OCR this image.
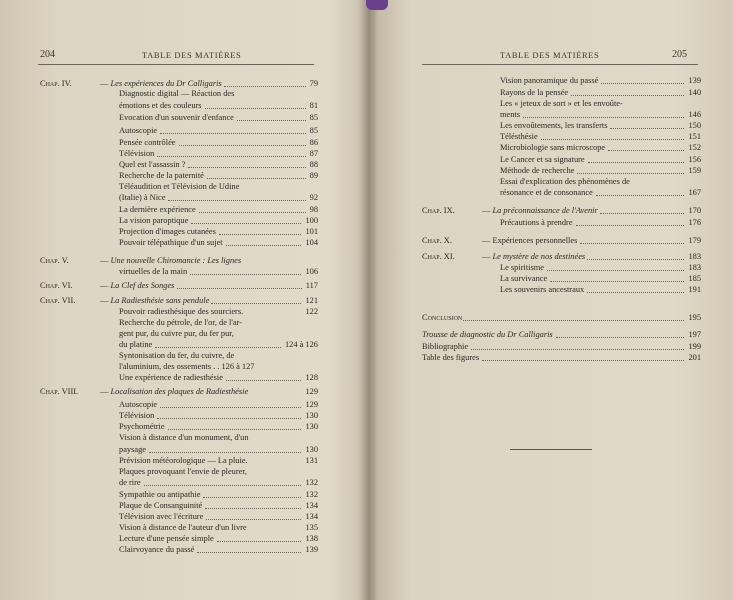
204	TABLE DES MATIÈRES
Chap. IV.	— Les expériences du Dr Calligaris	79
Diagnostic digital — Réaction des
émotions et des couleurs	81
Evocation d'un souvenir d'enfance	85
Autoscopie	85
Pensée contrôlée	86
Télévision	87
Quel est l'assassin ?	88
Recherche de la paternité	89
Téléaudition et Télévision de Udine
(Italie) à Nice	92
La dernière expérience	98
La vision paroptique	100
Projection d'images cutanées	101
Pouvoir télépathique d'un sujet	104
Chap. V.	— Une nouvelle Chiromancie : Les lignes
virtuelles de la main	106
Chap. VI.	— La Clef des Songes	117
Chap. VII.	— La Radiesthésie sans pendule	121
Pouvoir radiesthésique des sourciers.	122
Recherche du pétrole, de l'or, de l'ar-
gent pur, du cuivre pur, du fer pur,
du platine	124 à 126
Syntonisation du fer, du cuivre, de
l'aluminium, des ossements . . 126 à 127
Une expérience de radiesthésie	128
Chap. VIII.	— Localisation des plaques de Radiesthésie	129
Autoscopie	129
Télévision	130
Psychométrie	130
Vision à distance d'un monument, d'un
paysage	130
Prévision météorologique — La pluie.	131
Plaques provoquant l'envie de pleurer,
de rire	132
Sympathie ou antipathie	132
Plaque de Consanguinité	134
Télévision avec l'écriture	134
Vision à distance de l'auteur d'un livre	135
Lecture d'une pensée simple	138
Clairvoyance du passé	139
TABLE DES MATIÈRES	205
Vision panoramique du passé	139
Rayons de la pensée	140
Les « jeteux de sort » et les envoûte-
ments	146
Les envoûtements, les transferts	150
Télésthésie	151
Microbiologie sans microscope	152
Le Cancer et sa signature	156
Méthode de recherche	159
Essai d'explication des phénomènes de
résonance et de consonance	167
Chap. IX.	— La préconnaissance de l'Avenir	170
Précautions à prendre	176
Chap. X.	— Expériences personnelles	179
Chap. XI.	— Le mystère de nos destinées	183
Le spiritisme	183
La survivance	185
Les souvenirs ancestraux	191
Conclusion	195
Trousse de diagnostic du Dr Calligaris	197
Bibliographie	199
Table des figures	201
